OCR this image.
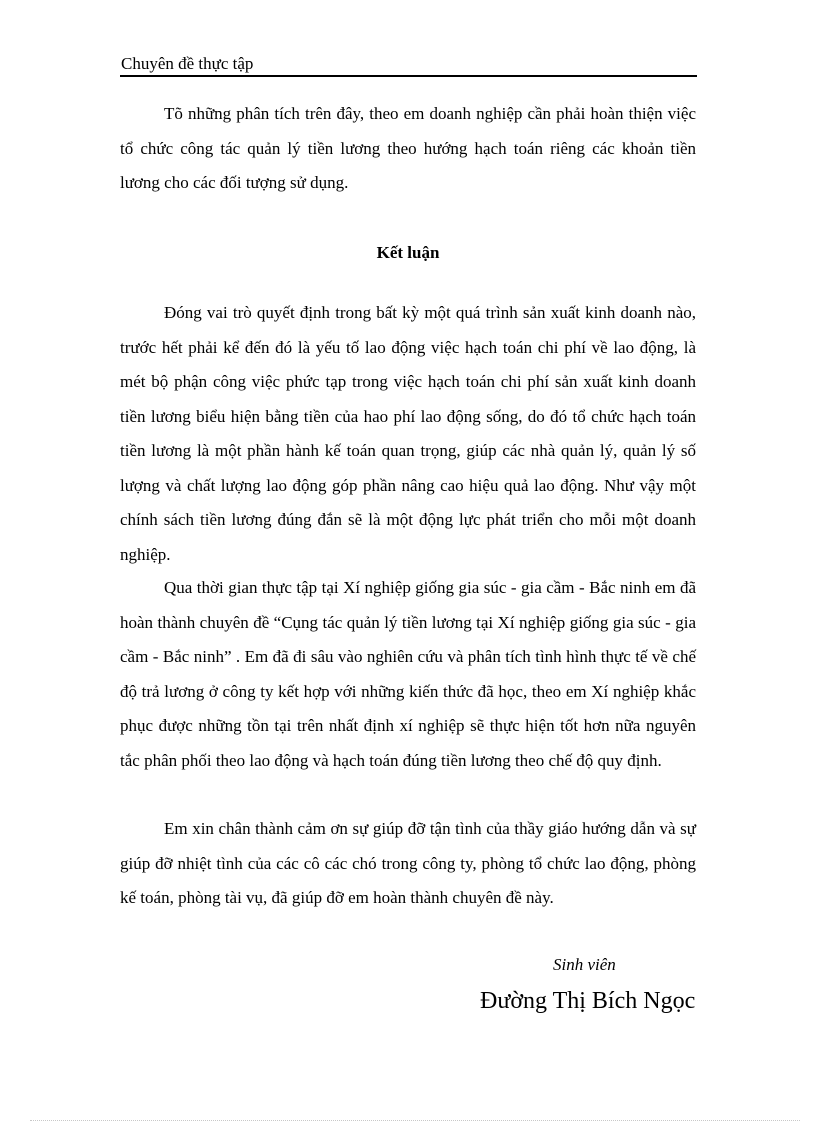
Chuyên đề thực tập

Tõ những phân tích trên đây, theo em doanh nghiệp cần phải hoàn thiện việc tổ chức công tác quản lý tiền lương theo hướng hạch toán riêng các khoản tiền lương cho các đối tượng sử dụng.

Kết luận

Đóng vai trò quyết định trong bất kỳ một quá trình sản xuất kinh doanh nào, trước hết phải kể đến đó là yếu tố lao động việc hạch toán chi phí về lao động, là mét bộ phận công việc phức tạp trong việc hạch toán chi phí sản xuất kinh doanh tiền lương biểu hiện bằng tiền của hao phí lao động sống, do đó tổ chức hạch toán tiền lương là một phần hành kế toán quan trọng, giúp các nhà quản lý, quản lý số lượng và chất lượng lao động góp phần nâng cao hiệu quả lao động. Như vậy một chính sách tiền lương đúng đắn sẽ là một động lực phát triển cho mỗi một doanh nghiệp.

Qua thời gian thực tập tại Xí nghiệp giống gia súc - gia cầm - Bắc ninh em đã hoàn thành chuyên đề “Cụng tác quản lý tiền lương tại Xí nghiệp giống gia súc - gia cầm - Bắc ninh” . Em đã đi sâu vào nghiên cứu và phân tích tình hình thực tế về chế độ trả lương ở công ty kết hợp với những kiến thức đã học, theo em Xí nghiệp khắc phục được những tồn tại trên nhất định xí nghiệp sẽ thực hiện tốt hơn nữa nguyên tắc phân phối theo lao động và hạch toán đúng tiền lương theo chế độ quy định.

Em xin chân thành cảm ơn sự giúp đỡ tận tình của thầy giáo hướng dẫn và sự giúp đỡ nhiệt tình của các cô các chó trong công ty, phòng tổ chức lao động, phòng kế toán, phòng tài vụ, đã giúp đỡ em hoàn thành chuyên đề này.

Sinh viên
Đường Thị Bích Ngọc
